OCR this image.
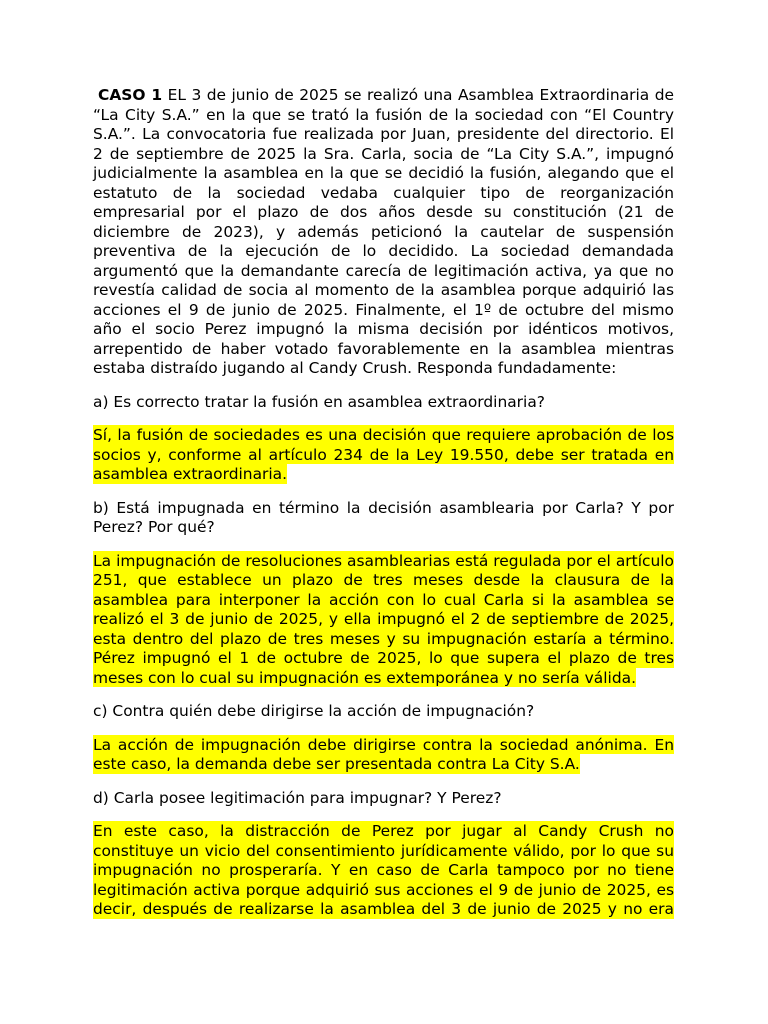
CASO 1 EL 3 de junio de 2025 se realizó una Asamblea Extraordinaria de “La City S.A.” en la que se trató la fusión de la sociedad con “El Country S.A.”. La convocatoria fue realizada por Juan, presidente del directorio. El 2 de septiembre de 2025 la Sra. Carla, socia de “La City S.A.”, impugnó judicialmente la asamblea en la que se decidió la fusión, alegando que el estatuto de la sociedad vedaba cualquier tipo de reorganización empresarial por el plazo de dos años desde su constitución (21 de diciembre de 2023), y además peticionó la cautelar de suspensión preventiva de la ejecución de lo decidido. La sociedad demandada argumentó que la demandante carecía de legitimación activa, ya que no revestía calidad de socia al momento de la asamblea porque adquirió las acciones el 9 de junio de 2025. Finalmente, el 1º de octubre del mismo año el socio Perez impugnó la misma decisión por idénticos motivos, arrepentido de haber votado favorablemente en la asamblea mientras estaba distraído jugando al Candy Crush. Responda fundadamente:

a) Es correcto tratar la fusión en asamblea extraordinaria?

Sí, la fusión de sociedades es una decisión que requiere aprobación de los socios y, conforme al artículo 234 de la Ley 19.550, debe ser tratada en asamblea extraordinaria.

b) Está impugnada en término la decisión asamblearia por Carla? Y por Perez? Por qué?

La impugnación de resoluciones asamblearias está regulada por el artículo 251, que establece un plazo de tres meses desde la clausura de la asamblea para interponer la acción con lo cual Carla si la asamblea se realizó el 3 de junio de 2025, y ella impugnó el 2 de septiembre de 2025, esta dentro del plazo de tres meses y su impugnación estaría a término. Pérez impugnó el 1 de octubre de 2025, lo que supera el plazo de tres meses con lo cual su impugnación es extemporánea y no sería válida.

c) Contra quién debe dirigirse la acción de impugnación?

La acción de impugnación debe dirigirse contra la sociedad anónima. En este caso, la demanda debe ser presentada contra La City S.A.

d) Carla posee legitimación para impugnar? Y Perez?

En este caso, la distracción de Perez por jugar al Candy Crush no constituye un vicio del consentimiento jurídicamente válido, por lo que su impugnación no prosperaría. Y en caso de Carla tampoco por no tiene legitimación activa porque adquirió sus acciones el 9 de junio de 2025, es decir, después de realizarse la asamblea del 3 de junio de 2025 y no era
